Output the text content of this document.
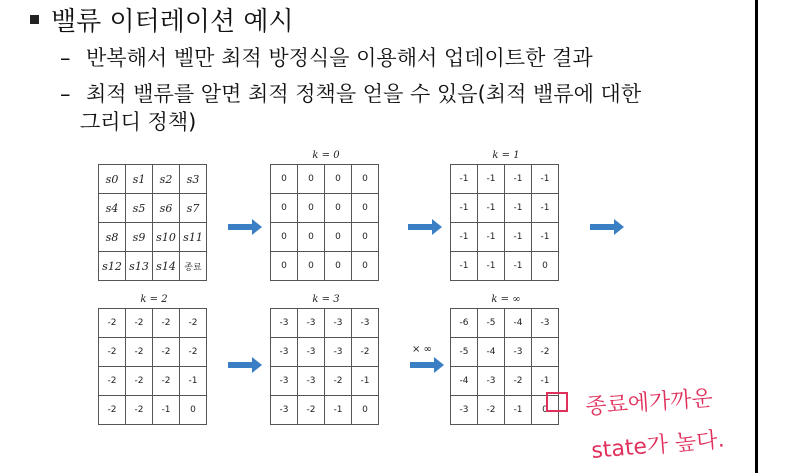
밸류 이터레이션 예시
– 반복해서 벨만 최적 방정식을 이용해서 업데이트한 결과
– 최적 밸류를 알면 최적 정책을 얻을 수 있음(최적 밸류에 대한
그리디 정책)
k = 0	k = 1
k = 2	k = 3	k = ∞
s0	s1	s2	s3
s4	s5	s6	s7
s8	s9	s10	s11
s12	s13	s14	종료
0	0	0	0
0	0	0	0
0	0	0	0
0	0	0	0
-1	-1	-1	-1
-1	-1	-1	-1
-1	-1	-1	-1
-1	-1	-1	0
-2	-2	-2	-2
-2	-2	-2	-2
-2	-2	-2	-1
-2	-2	-1	0
-3	-3	-3	-3
-3	-3	-3	-2
-3	-3	-2	-1
-3	-2	-1	0
-6	-5	-4	-3
-5	-4	-3	-2
-4	-3	-2	-1
-3	-2	-1	0
× ∞
종료에가까운
state가 높다.
